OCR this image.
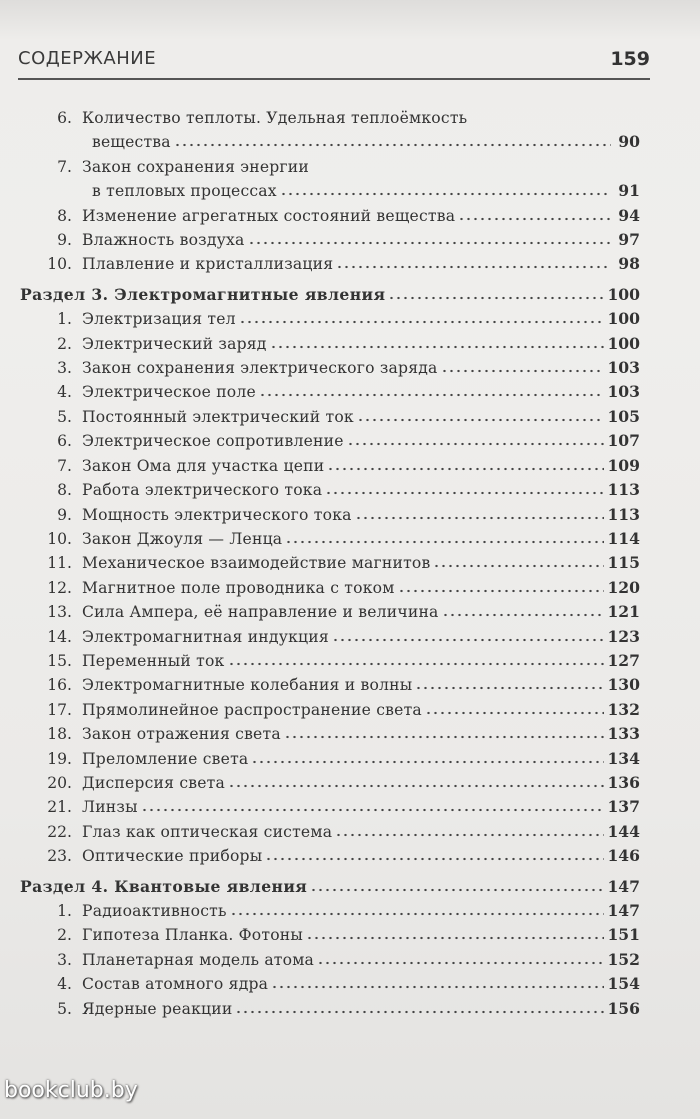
СОДЕРЖАНИЕ	159
6. Количество теплоты. Удельная теплоёмкость
вещества	90
7. Закон сохранения энергии
в тепловых процессах	91
8. Изменение агрегатных состояний вещества	94
9. Влажность воздуха	97
10. Плавление и кристаллизация	98
Раздел 3. Электромагнитные явления	100
1. Электризация тел	100
2. Электрический заряд	100
3. Закон сохранения электрического заряда	103
4. Электрическое поле	103
5. Постоянный электрический ток	105
6. Электрическое сопротивление	107
7. Закон Ома для участка цепи	109
8. Работа электрического тока	113
9. Мощность электрического тока	113
10. Закон Джоуля — Ленца	114
11. Механическое взаимодействие магнитов	115
12. Магнитное поле проводника с током	120
13. Сила Ампера, её направление и величина	121
14. Электромагнитная индукция	123
15. Переменный ток	127
16. Электромагнитные колебания и волны	130
17. Прямолинейное распространение света	132
18. Закон отражения света	133
19. Преломление света	134
20. Дисперсия света	136
21. Линзы	137
22. Глаз как оптическая система	144
23. Оптические приборы	146
Раздел 4. Квантовые явления	147
1. Радиоактивность	147
2. Гипотеза Планка. Фотоны	151
3. Планетарная модель атома	152
4. Состав атомного ядра	154
5. Ядерные реакции	156
bookclub.by
